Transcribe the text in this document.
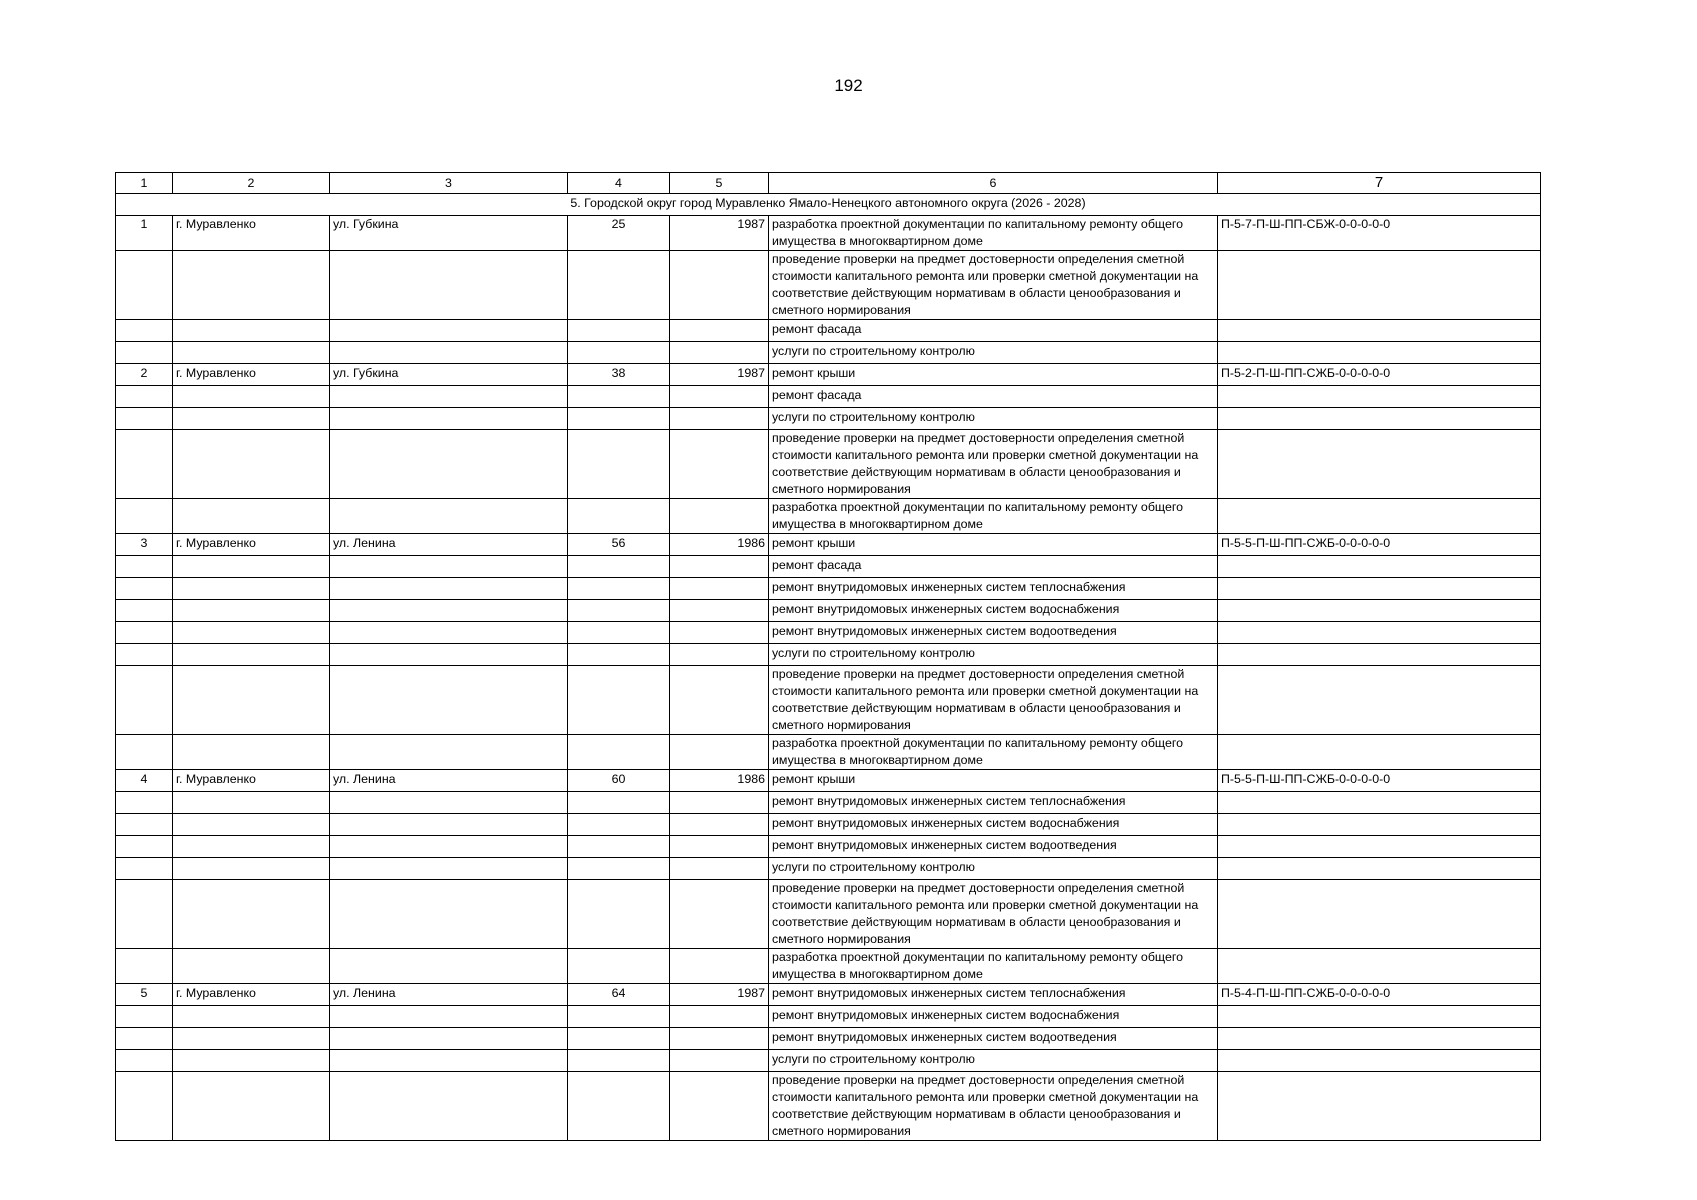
192
1	2	3	4	5	6	7
5. Городской округ город Муравленко Ямало-Ненецкого автономного округа (2026 - 2028)						
1	г. Муравленко	ул. Губкина	25	1987	разработка проектной документации по капитальному ремонту общего имущества в многоквартирном доме	П-5-7-П-Ш-ПП-СБЖ-0-0-0-0-0
					проведение проверки на предмет достоверности определения сметной стоимости капитального ремонта или проверки сметной документации на соответствие действующим нормативам в области ценообразования и сметного нормирования	
					ремонт фасада	
					услуги по строительному контролю	
2	г. Муравленко	ул. Губкина	38	1987	ремонт крыши	П-5-2-П-Ш-ПП-СЖБ-0-0-0-0-0
					ремонт фасада	
					услуги по строительному контролю	
					проведение проверки на предмет достоверности определения сметной стоимости капитального ремонта или проверки сметной документации на соответствие действующим нормативам в области ценообразования и сметного нормирования	
					разработка проектной документации по капитальному ремонту общего имущества в многоквартирном доме	
3	г. Муравленко	ул. Ленина	56	1986	ремонт крыши	П-5-5-П-Ш-ПП-СЖБ-0-0-0-0-0
					ремонт фасада	
					ремонт внутридомовых инженерных систем теплоснабжения	
					ремонт внутридомовых инженерных систем водоснабжения	
					ремонт внутридомовых инженерных систем водоотведения	
					услуги по строительному контролю	
					проведение проверки на предмет достоверности определения сметной стоимости капитального ремонта или проверки сметной документации на соответствие действующим нормативам в области ценообразования и сметного нормирования	
					разработка проектной документации по капитальному ремонту общего имущества в многоквартирном доме	
4	г. Муравленко	ул. Ленина	60	1986	ремонт крыши	П-5-5-П-Ш-ПП-СЖБ-0-0-0-0-0
					ремонт внутридомовых инженерных систем теплоснабжения	
					ремонт внутридомовых инженерных систем водоснабжения	
					ремонт внутридомовых инженерных систем водоотведения	
					услуги по строительному контролю	
					проведение проверки на предмет достоверности определения сметной стоимости капитального ремонта или проверки сметной документации на соответствие действующим нормативам в области ценообразования и сметного нормирования	
					разработка проектной документации по капитальному ремонту общего имущества в многоквартирном доме	
5	г. Муравленко	ул. Ленина	64	1987	ремонт внутридомовых инженерных систем теплоснабжения	П-5-4-П-Ш-ПП-СЖБ-0-0-0-0-0
					ремонт внутридомовых инженерных систем водоснабжения	
					ремонт внутридомовых инженерных систем водоотведения	
					услуги по строительному контролю	
					проведение проверки на предмет достоверности определения сметной стоимости капитального ремонта или проверки сметной документации на соответствие действующим нормативам в области ценообразования и сметного нормирования	
